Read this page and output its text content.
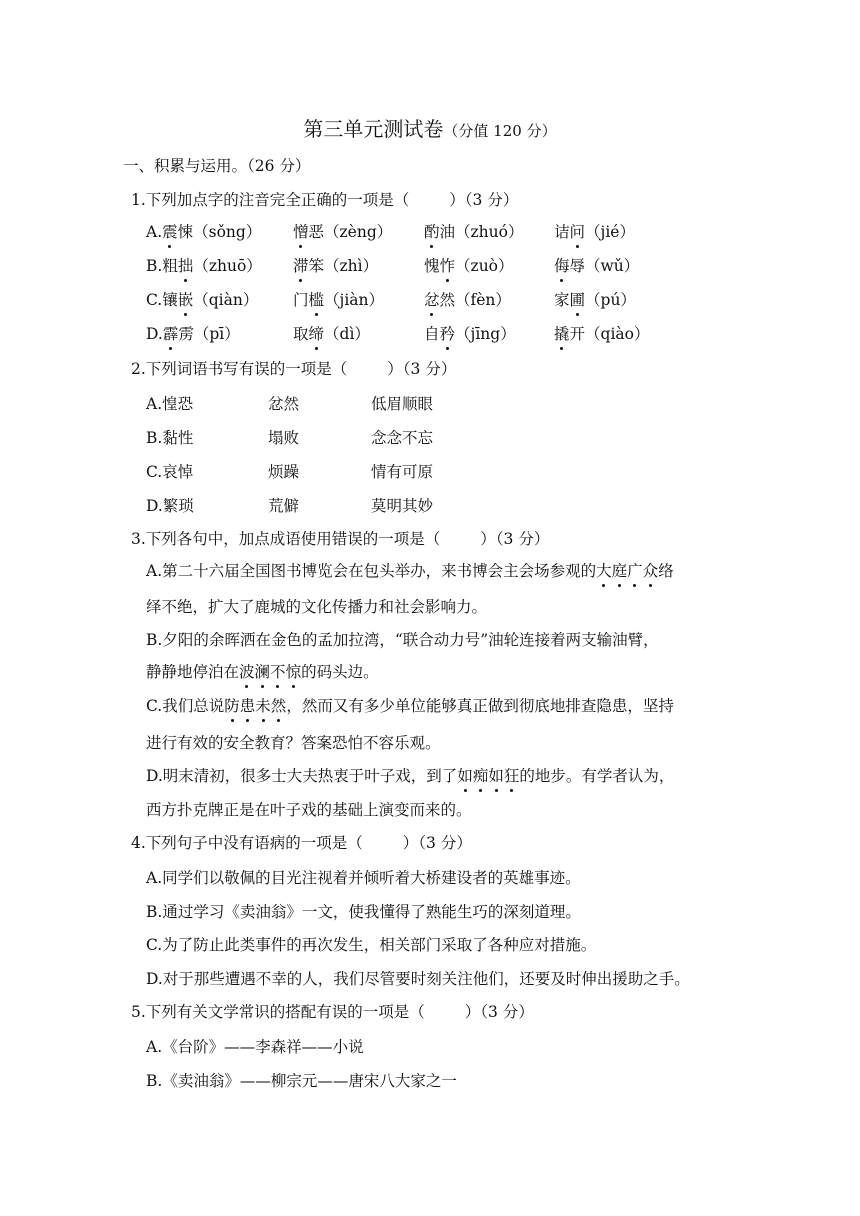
第三单元测试卷（分值 120 分）
一、积累与运用。（26 分）
1.下列加点字的注音完全正确的一项是（	）（3 分）
A.震悚（sǒng） 憎恶（zèng） 酌油（zhuó） 诘问（jié）
B.粗拙（zhuō） 滞笨（zhì）	愧怍（zuò）	侮辱（wǔ）
C.镶嵌（qiàn） 门槛（jiàn）	忿然（fèn）	家圃（pú）
D.霹雳（pī）	取缔（dì）	自矜（jīng） 撬开（qiào）
2.下列词语书写有误的一项是（	）（3 分）
A.惶恐	忿然	低眉顺眼
B.黏性	塌败	念念不忘
C.哀悼	烦躁	情有可原
D.繁琐	荒僻	莫明其妙
3.下列各句中，加点成语使用错误的一项是（	）（3 分）
A.第二十六届全国图书博览会在包头举办，来书博会主会场参观的大庭广众络
绎不绝，扩大了鹿城的文化传播力和社会影响力。
B.夕阳的余晖洒在金色的孟加拉湾，“联合动力号”油轮连接着两支输油臂，
静静地停泊在波澜不惊的码头边。
C.我们总说防患未然，然而又有多少单位能够真正做到彻底地排查隐患，坚持
进行有效的安全教育？答案恐怕不容乐观。
D.明末清初，很多士大夫热衷于叶子戏，到了如痴如狂的地步。有学者认为，
西方扑克牌正是在叶子戏的基础上演变而来的。
4.下列句子中没有语病的一项是（	）（3 分）
A.同学们以敬佩的目光注视着并倾听着大桥建设者的英雄事迹。
B.通过学习《卖油翁》一文，使我懂得了熟能生巧的深刻道理。
C.为了防止此类事件的再次发生，相关部门采取了各种应对措施。
D.对于那些遭遇不幸的人，我们尽管要时刻关注他们，还要及时伸出援助之手。
5.下列有关文学常识的搭配有误的一项是（	）（3 分）
A.《台阶》——李森祥——小说
B.《卖油翁》——柳宗元——唐宋八大家之一
